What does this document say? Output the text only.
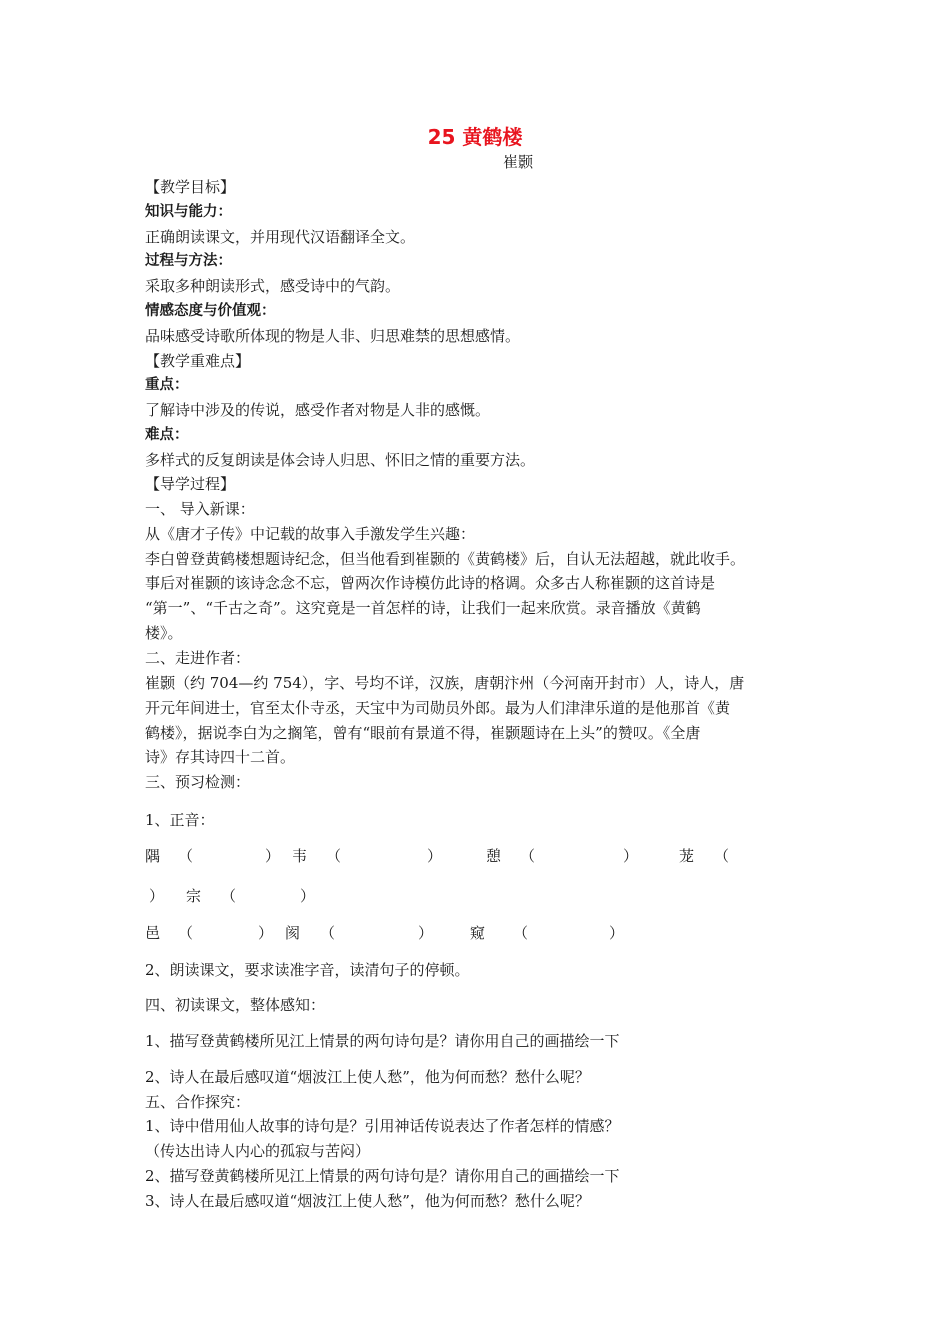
25 黄鹤楼
崔颢
【教学目标】
知识与能力：
正确朗读课文，并用现代汉语翻译全文。
过程与方法：
采取多种朗读形式，感受诗中的气韵。
情感态度与价值观：
品味感受诗歌所体现的物是人非、归思难禁的思想感情。
【教学重难点】
重点：
了解诗中涉及的传说，感受作者对物是人非的感慨。
难点：
多样式的反复朗读是体会诗人归思、怀旧之情的重要方法。
【导学过程】
一、 导入新课：
从《唐才子传》中记载的故事入手激发学生兴趣：
李白曾登黄鹤楼想题诗纪念，但当他看到崔颢的《黄鹤楼》后，自认无法超越，就此收手。
事后对崔颢的该诗念念不忘，曾两次作诗模仿此诗的格调。众多古人称崔颢的这首诗是
“第一”、“千古之奇”。这究竟是一首怎样的诗，让我们一起来欣赏。录音播放《黄鹤
楼》。
二、走进作者：
崔颢（约 704—约 754），字、号均不详，汉族，唐朝汴州（今河南开封市）人，诗人，唐
开元年间进士，官至太仆寺丞，天宝中为司勋员外郎。最为人们津津乐道的是他那首《黄
鹤楼》，据说李白为之搁笔，曾有“眼前有景道不得，崔颢题诗在上头”的赞叹。《全唐
诗》存其诗四十二首。
三、预习检测：
1、正音：
隅 （	） 韦 （	）	憩 （	）	茏 （
） 宗 （	）
邑 （	） 阂 （	） 窥 （	）
2、朗读课文，要求读准字音，读清句子的停顿。
四、初读课文，整体感知：
1、描写登黄鹤楼所见江上情景的两句诗句是？请你用自己的画描绘一下
2、诗人在最后感叹道“烟波江上使人愁”，他为何而愁？愁什么呢？
五、合作探究：
1、诗中借用仙人故事的诗句是？引用神话传说表达了作者怎样的情感？
（传达出诗人内心的孤寂与苦闷）
2、描写登黄鹤楼所见江上情景的两句诗句是？请你用自己的画描绘一下
3、诗人在最后感叹道“烟波江上使人愁”，他为何而愁？愁什么呢？
